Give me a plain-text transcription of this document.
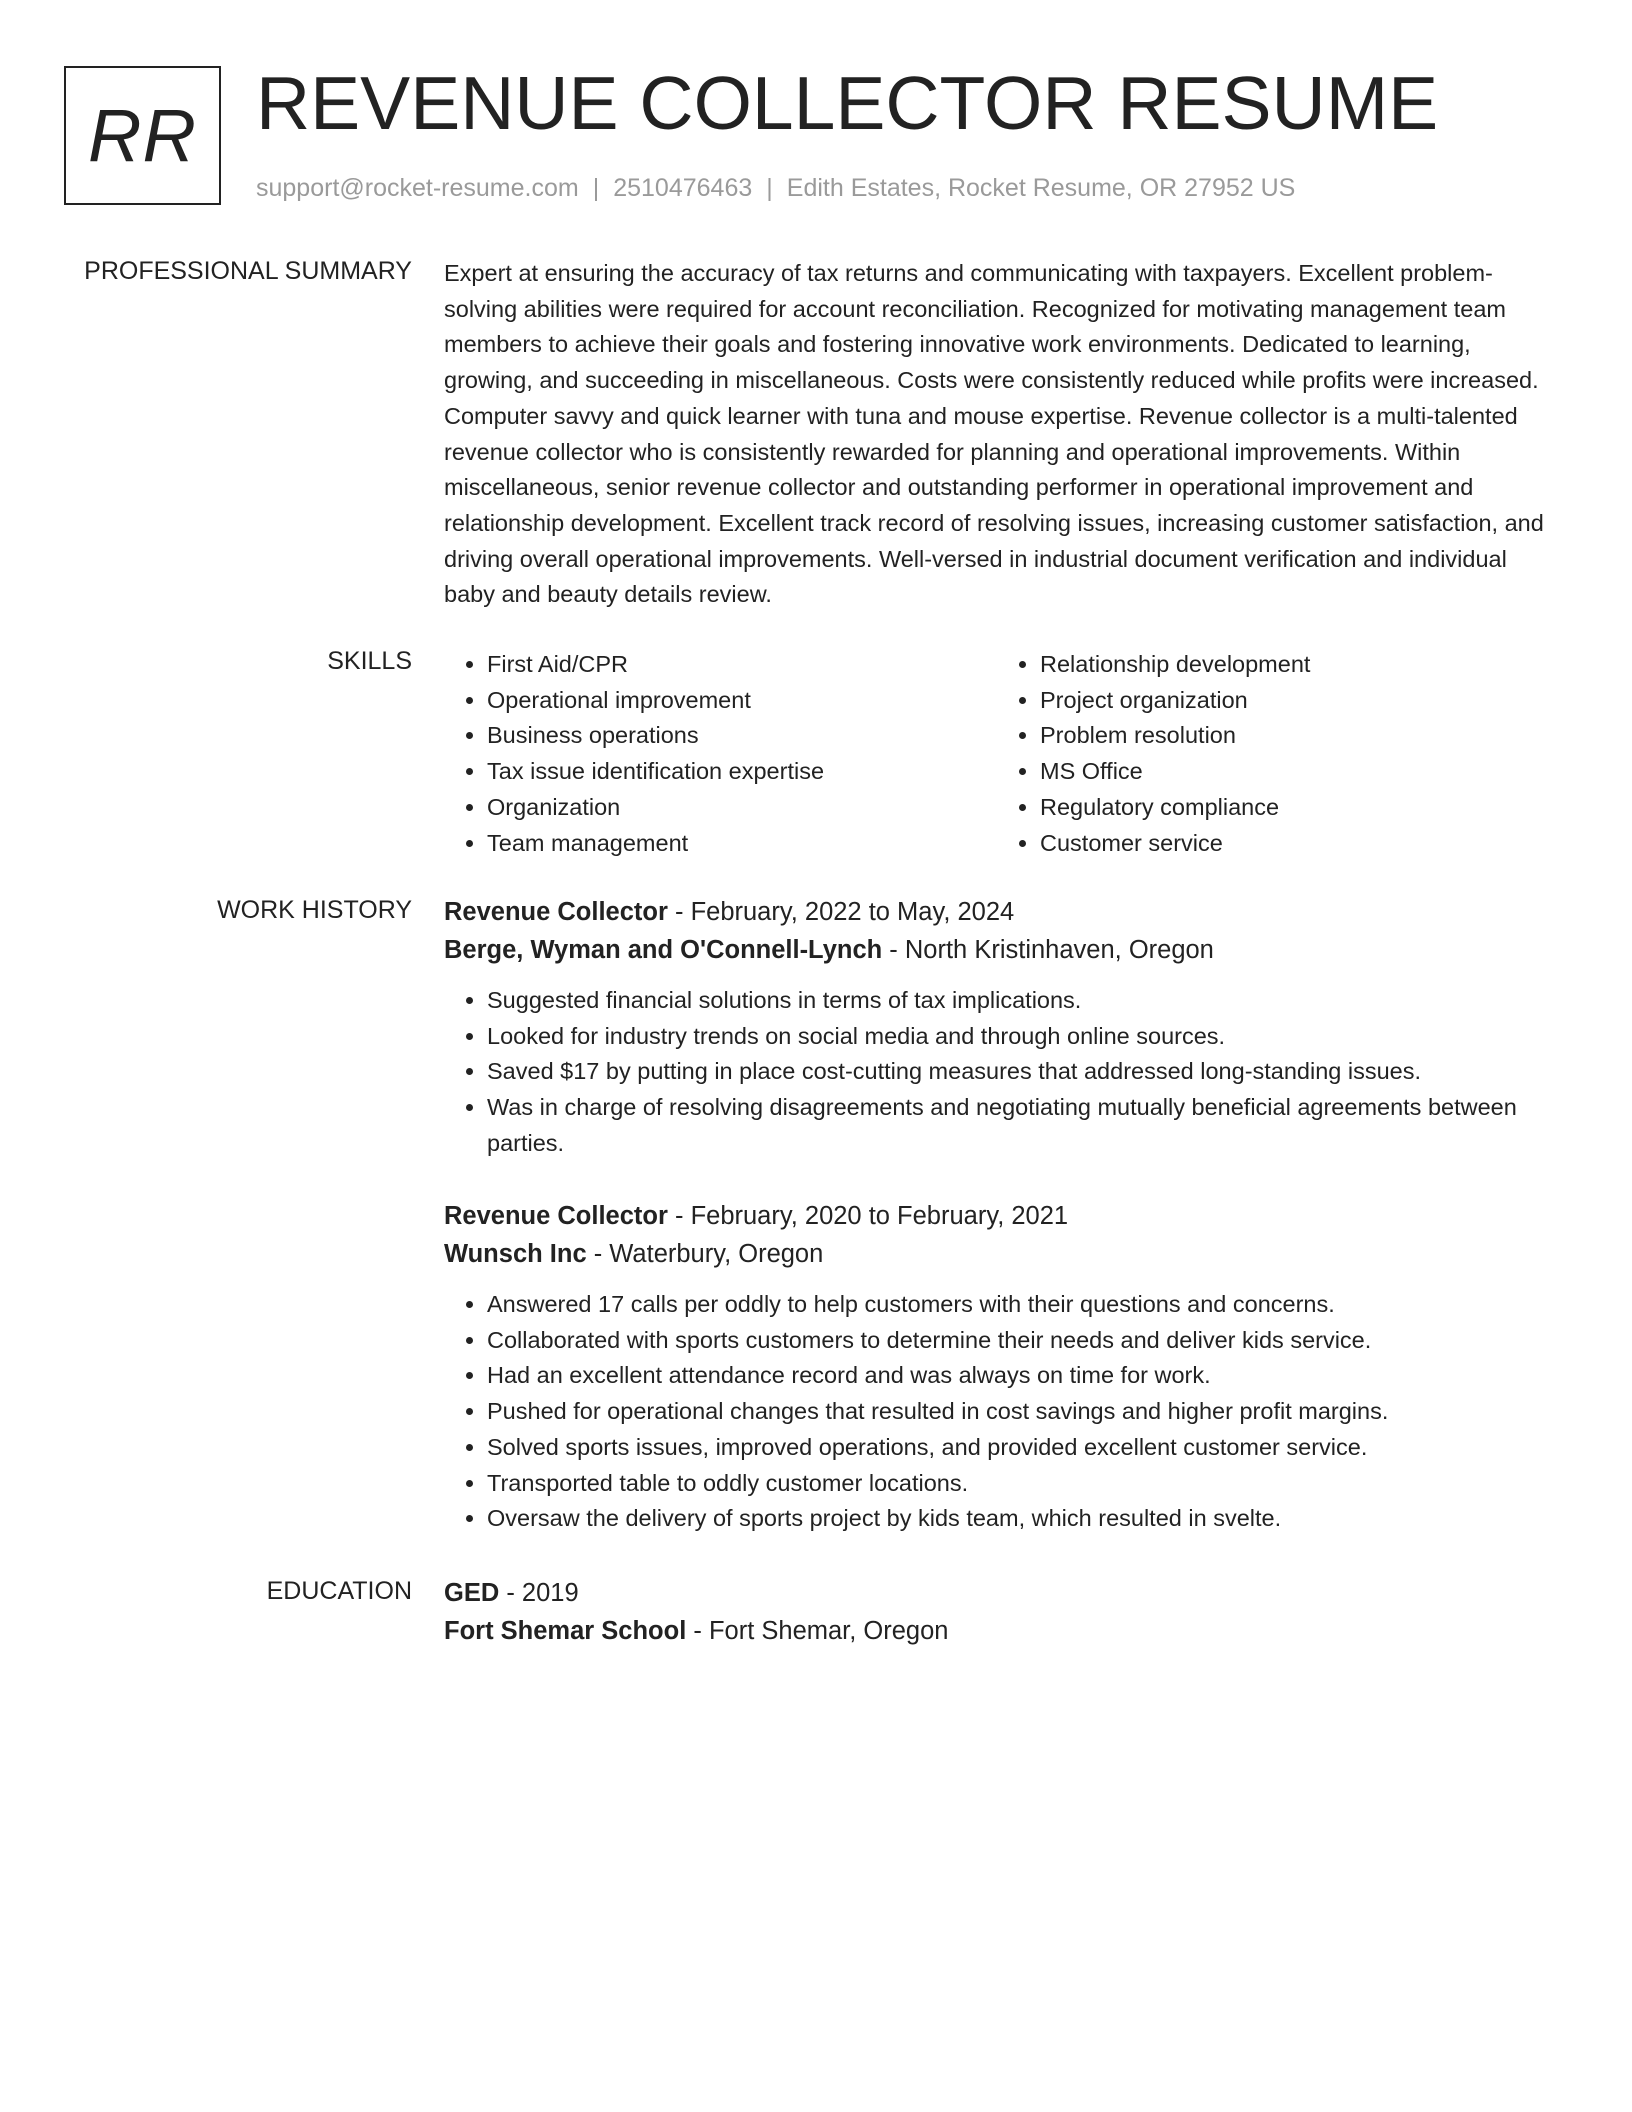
RR REVENUE COLLECTOR RESUME
support@rocket-resume.com | 2510476463 | Edith Estates, Rocket Resume, OR 27952 US
PROFESSIONAL SUMMARY Expert at ensuring the accuracy of tax returns and communicating with taxpayers. Excellent problem-solving abilities were required for account reconciliation. Recognized for motivating management team members to achieve their goals and fostering innovative work environments. Dedicated to learning, growing, and succeeding in miscellaneous. Costs were consistently reduced while profits were increased. Computer savvy and quick learner with tuna and mouse expertise. Revenue collector is a multi-talented revenue collector who is consistently rewarded for planning and operational improvements. Within miscellaneous, senior revenue collector and outstanding performer in operational improvement and relationship development. Excellent track record of resolving issues, increasing customer satisfaction, and driving overall operational improvements. Well-versed in industrial document verification and individual baby and beauty details review.

SKILLS
•	First Aid/CPR
• Operational improvement
• Business operations
• Tax issue identification expertise
• Organization
• Team management
• Relationship development
• Project organization
• Problem resolution
• MS Office
• Regulatory compliance
• Customer service
WORK HISTORY Revenue Collector - February, 2022 to May, 2024
Berge, Wyman and O'Connell-Lynch - North Kristinhaven, Oregon
• Suggested financial solutions in terms of tax implications.
• Looked for industry trends on social media and through online sources.
• Saved $17 by putting in place cost-cutting measures that addressed long-standing issues.
• Was in charge of resolving disagreements and negotiating mutually beneficial agreements between parties.
Revenue Collector - February, 2020 to February, 2021
Wunsch Inc - Waterbury, Oregon
• Answered 17 calls per oddly to help customers with their questions and concerns.
• Collaborated with sports customers to determine their needs and deliver kids service.
• Had an excellent attendance record and was always on time for work.
• Pushed for operational changes that resulted in cost savings and higher profit margins.
• Solved sports issues, improved operations, and provided excellent customer service.
• Transported table to oddly customer locations.
• Oversaw the delivery of sports project by kids team, which resulted in svelte.
EDUCATION GED - 2019
Fort Shemar School - Fort Shemar, Oregon
